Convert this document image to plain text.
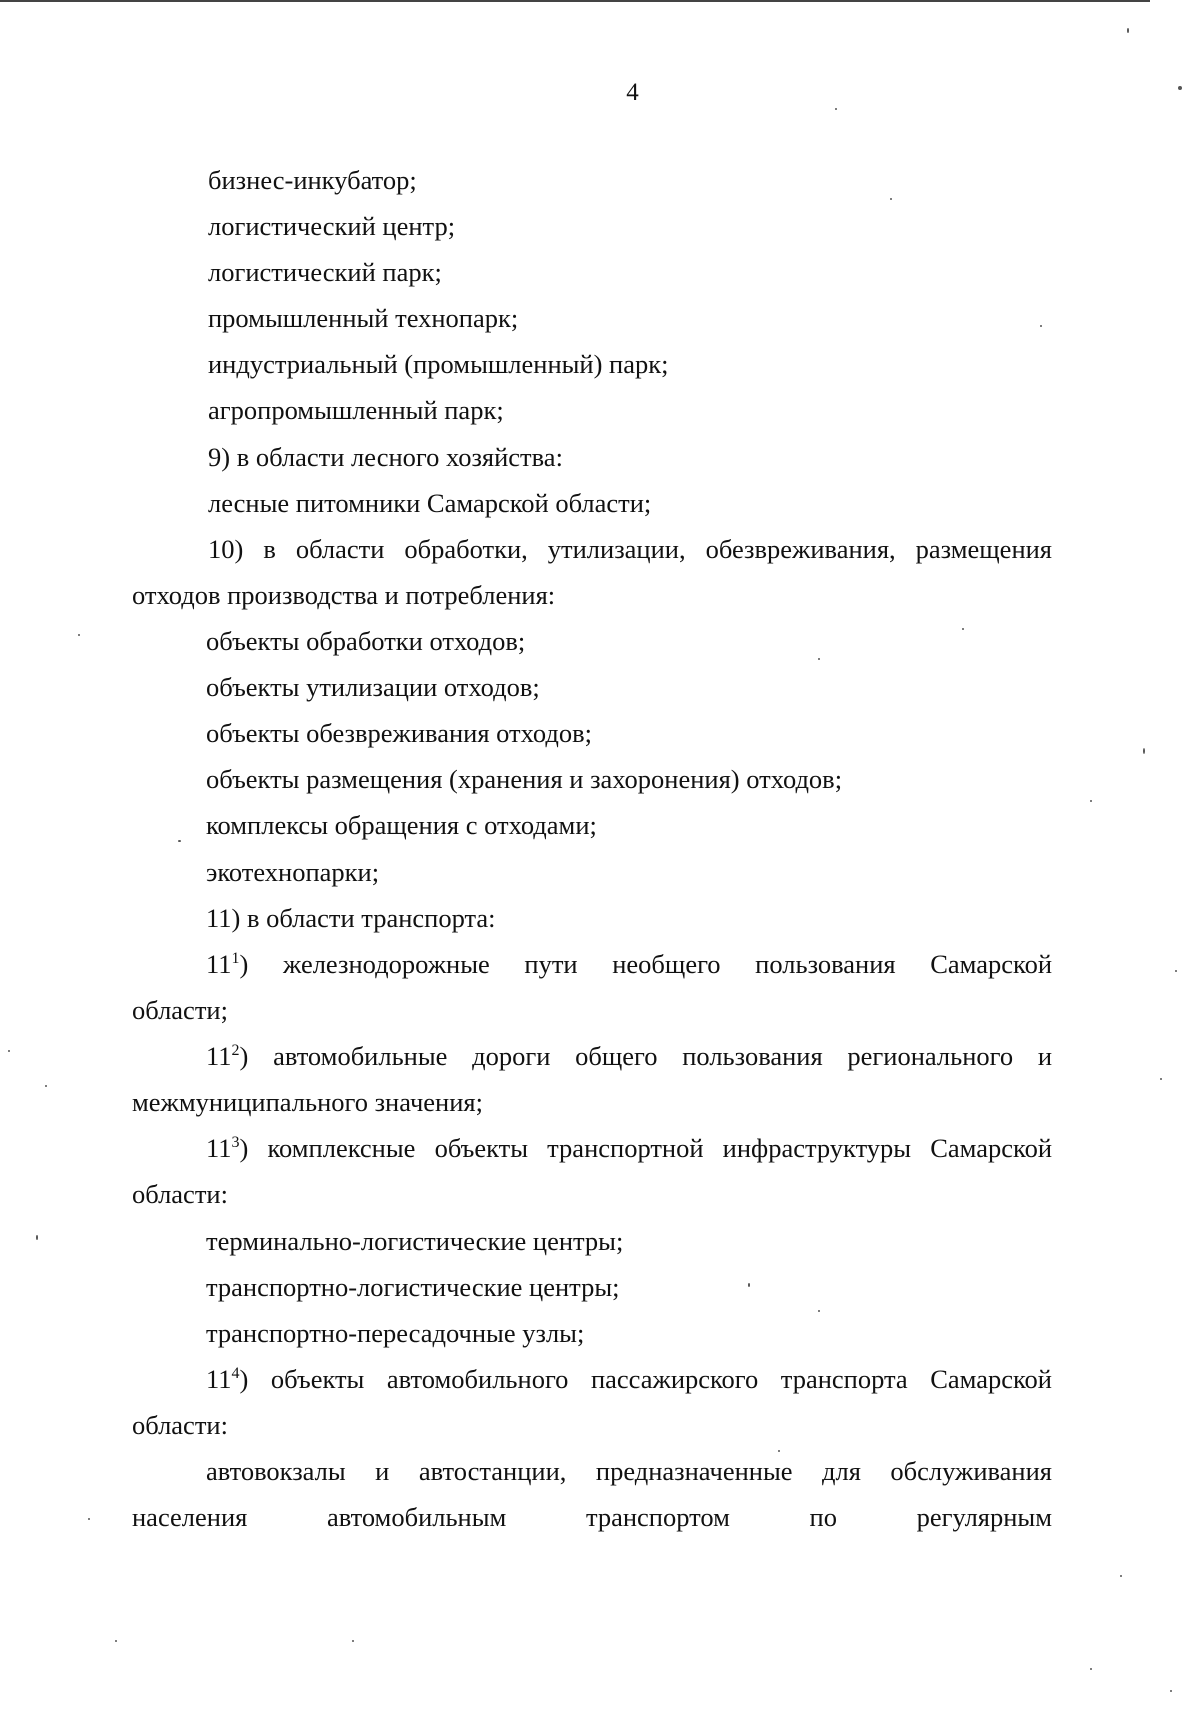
4
бизнес-инкубатор;
логистический центр;
логистический парк;
промышленный технопарк;
индустриальный (промышленный) парк;
агропромышленный парк;
9) в области лесного хозяйства:
лесные питомники Самарской области;
10) в области обработки, утилизации, обезвреживания, размещения
отходов производства и потребления:
объекты обработки отходов;
объекты утилизации отходов;
объекты обезвреживания отходов;
объекты размещения (хранения и захоронения) отходов;
комплексы обращения с отходами;
экотехнопарки;
11) в области транспорта:
$11^1$) железнодорожные пути необщего пользования Самарской
области;
$11^2$) автомобильные дороги общего пользования регионального и
межмуниципального значения;
$11^3$) комплексные объекты транспортной инфраструктуры Самарской
области:
терминально-логистические центры;
транспортно-логистические центры;
транспортно-пересадочные узлы;
$11^4$) объекты автомобильного пассажирского транспорта Самарской
области:
автовокзалы и автостанции, предназначенные для обслуживания
населения автомобильным транспортом по регулярным
